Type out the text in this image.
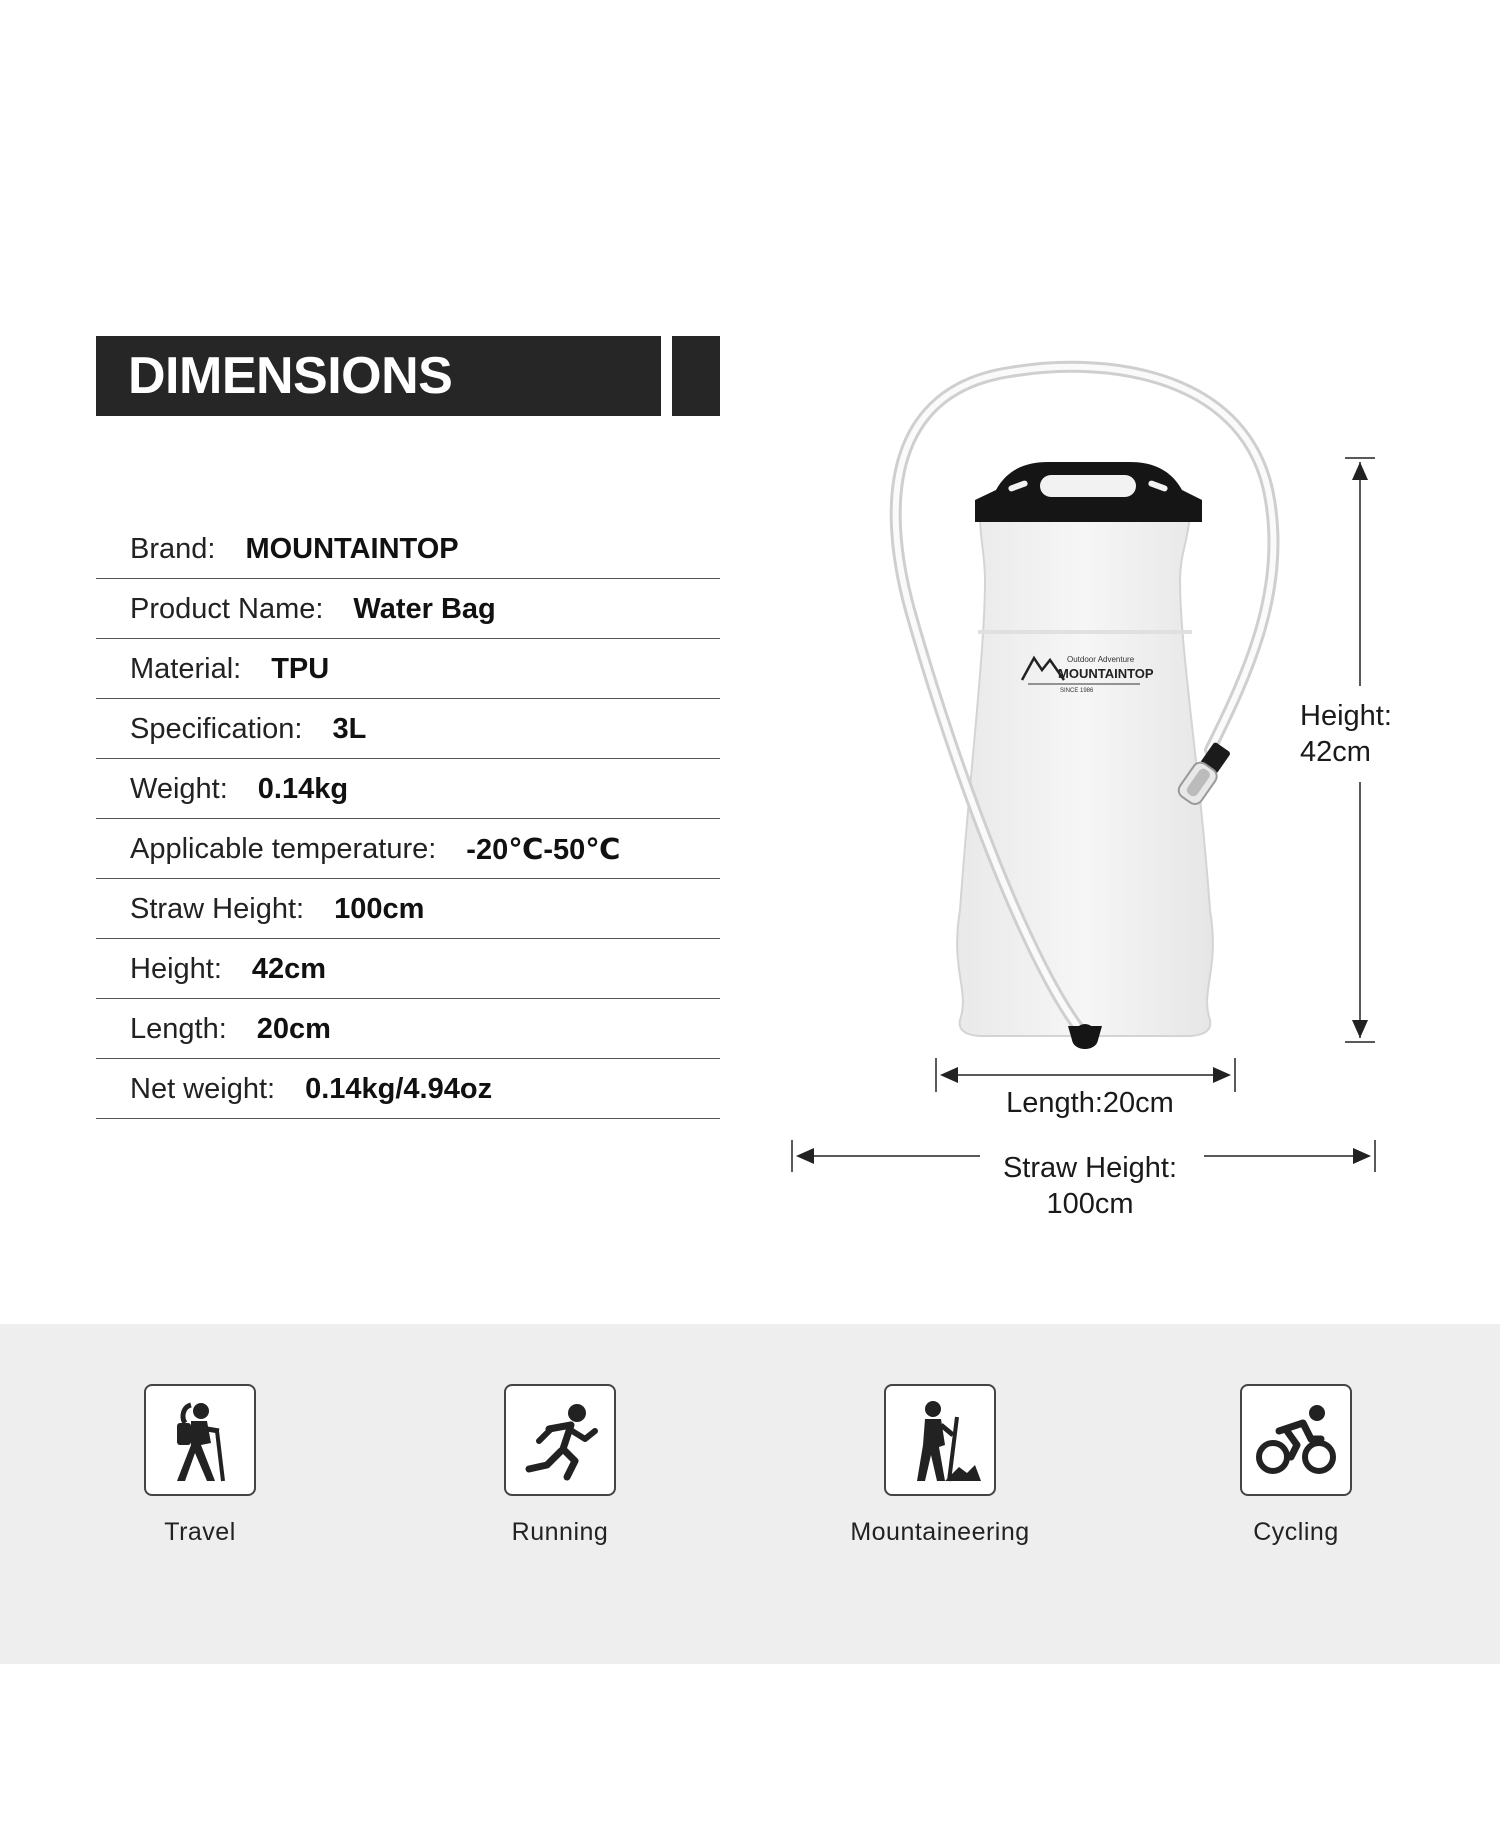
DIMENSIONS
Brand: MOUNTAINTOP
Product Name: Water Bag
Material: TPU
Specification: 3L
Weight: 0.14kg
Applicable temperature: -20℃-50℃
Straw Height: 100cm
Height: 42cm
Length: 20cm
Net weight: 0.14kg/4.94oz
Outdoor Adventure
MOUNTAINTOP
SINCE 1986
Height:
42cm
Length:20cm
Straw Height:
100cm
Travel	Running	Mountaineering	Cycling
